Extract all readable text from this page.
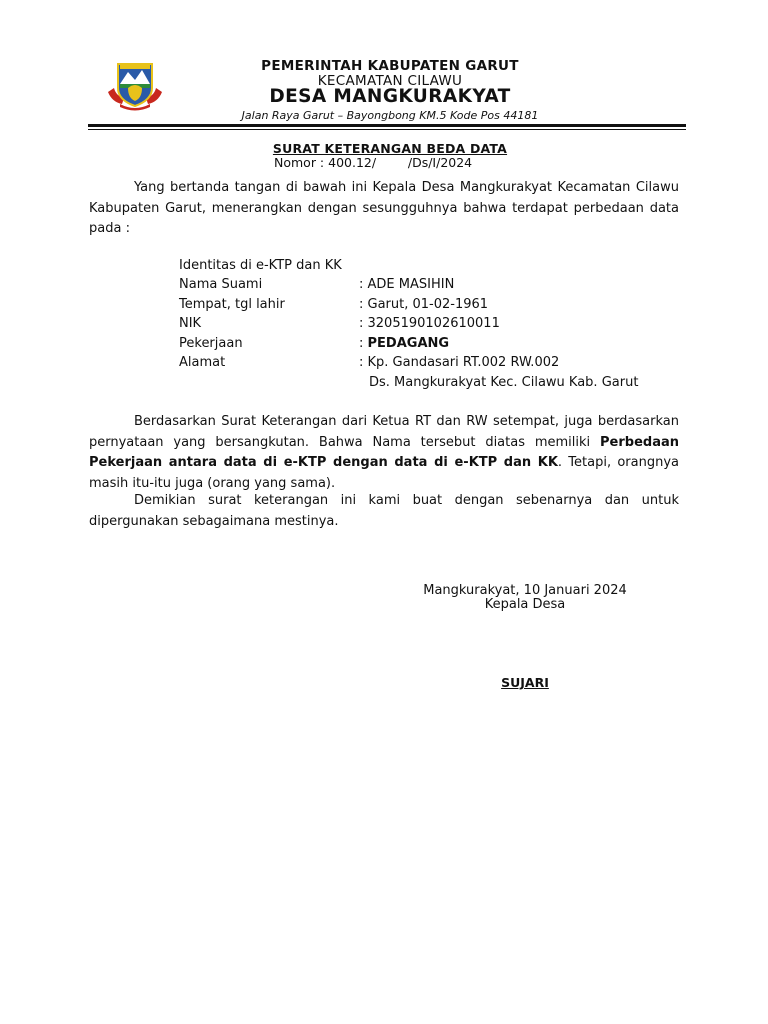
PEMERINTAH KABUPATEN GARUT
KECAMATAN CILAWU
DESA MANGKURAKYAT
Jalan Raya Garut – Bayongbong KM.5 Kode Pos 44181
SURAT KETERANGAN BEDA DATA
Nomor : 400.12/        /Ds/I/2024
Yang bertanda tangan di bawah ini Kepala Desa Mangkurakyat Kecamatan Cilawu Kabupaten Garut, menerangkan dengan sesungguhnya bahwa terdapat perbedaan data pada :
Identitas di e-KTP dan KK
Nama Suami	: ADE MASIHIN
Tempat, tgl lahir	: Garut, 01-02-1961
NIK	: 3205190102610011
Pekerjaan	: PEDAGANG
Alamat	: Kp. Gandasari RT.002 RW.002
Ds. Mangkurakyat Kec. Cilawu Kab. Garut
Berdasarkan Surat Keterangan dari Ketua RT dan RW setempat, juga berdasarkan pernyataan yang bersangkutan. Bahwa Nama tersebut diatas memiliki Perbedaan Pekerjaan antara data di e-KTP dengan data di e-KTP dan KK. Tetapi, orangnya masih itu-itu juga (orang yang sama).
Demikian surat keterangan ini kami buat dengan sebenarnya dan untuk dipergunakan sebagaimana mestinya.
Mangkurakyat, 10 Januari 2024
Kepala Desa
SUJARI
